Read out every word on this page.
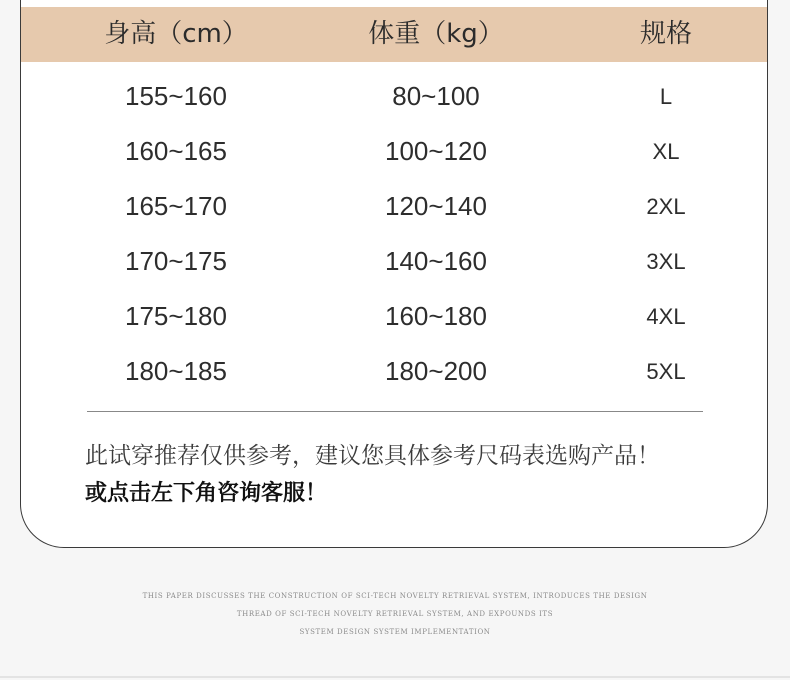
身高（cm）	体重（kg）	规格
155~160	80~100	L
160~165	100~120	XL
165~170	120~140	2XL
170~175	140~160	3XL
175~180	160~180	4XL
180~185	180~200	5XL
此试穿推荐仅供参考，建议您具体参考尺码表选购产品！
或点击左下角咨询客服！
THIS PAPER DISCUSSES THE CONSTRUCTION OF SCI-TECH NOVELTY RETRIEVAL SYSTEM, INTRODUCES THE DESIGN
THREAD OF SCI-TECH NOVELTY RETRIEVAL SYSTEM, AND EXPOUNDS ITS
SYSTEM DESIGN SYSTEM IMPLEMENTATION
